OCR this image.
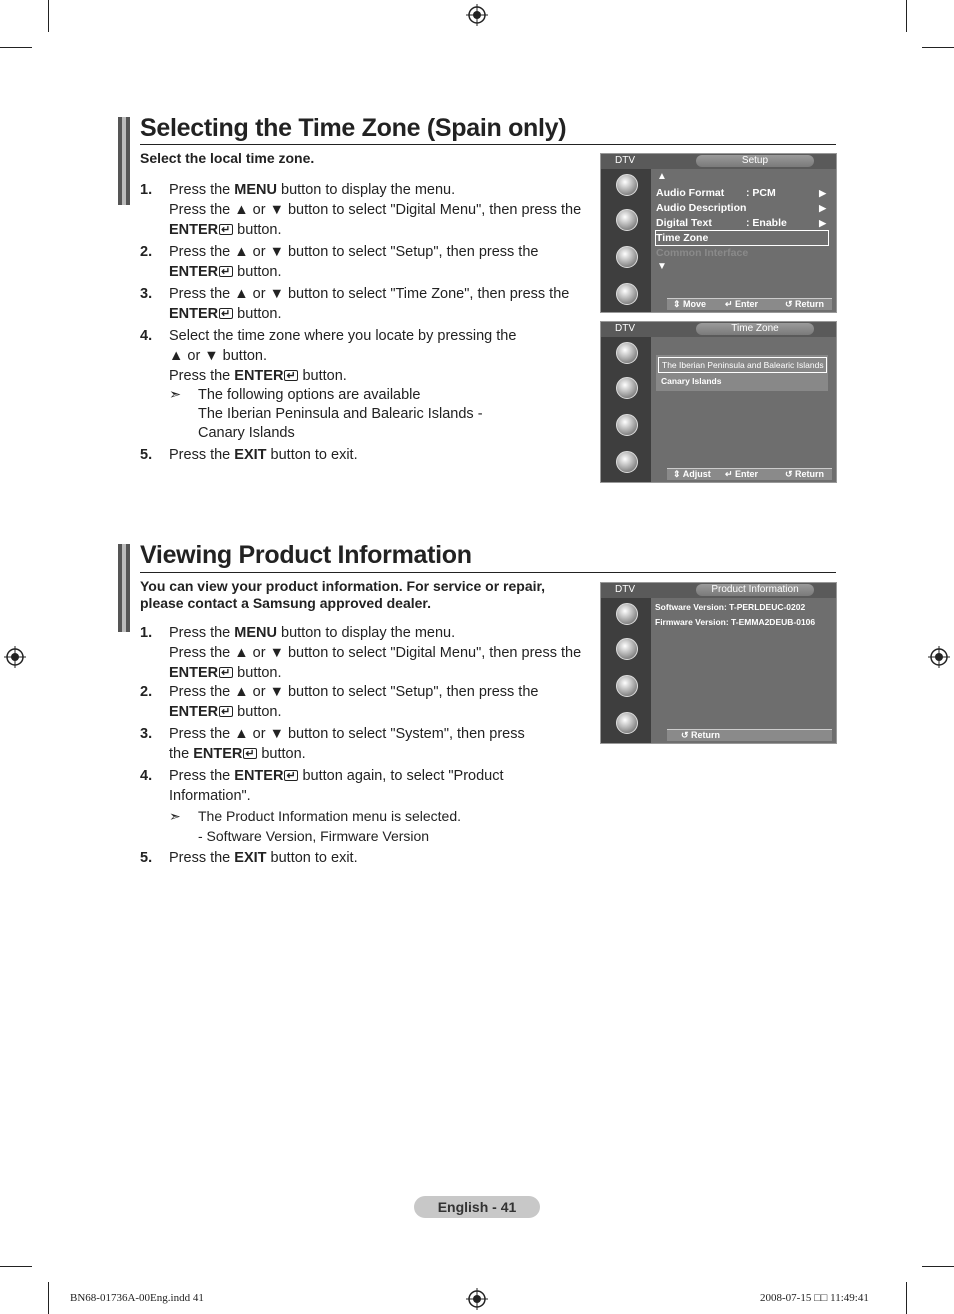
Selecting the Time Zone (Spain only)
Select the local time zone.
1. Press the MENU button to display the menu.
Press the ▲ or ▼ button to select "Digital Menu", then press the
ENTER↵ button.
2. Press the ▲ or ▼ button to select "Setup", then press the
ENTER↵ button.
3. Press the ▲ or ▼ button to select "Time Zone", then press the
ENTER↵ button.
4. Select the time zone where you locate by pressing the
▲ or ▼ button.
Press the ENTER↵ button.
➣ The following options are available
The Iberian Peninsula and Balearic Islands -
Canary Islands
5. Press the EXIT button to exit.
DTV	Setup
▲
Audio Format : PCM	▶
Audio Description	▶
Digital Text	: Enable	▶
Time Zone
Common Interface
▼
⇕ Move ↵ Enter	↺ Return
DTV	Time Zone
The Iberian Peninsula and Balearic Islands
Canary Islands
⇕ Adjust ↵ Enter	↺ Return
Viewing Product Information
You can view your product information. For service or repair,
please contact a Samsung approved dealer.
1. Press the MENU button to display the menu.
Press the ▲ or ▼ button to select "Digital Menu", then press the
ENTER↵ button.
2. Press the ▲ or ▼ button to select "Setup", then press the
ENTER↵ button.
3. Press the ▲ or ▼ button to select "System", then press
the ENTER↵ button.
4. Press the ENTER↵ button again, to select "Product
Information".
➣ The Product Information menu is selected.
- Software Version, Firmware Version
5. Press the EXIT button to exit.
DTV	Product Information
Software Version: T-PERLDEUC-0202
Firmware Version: T-EMMA2DEUB-0106
↺ Return
English - 41
BN68-01736A-00Eng.indd 41	2008-07-15 □□ 11:49:41
